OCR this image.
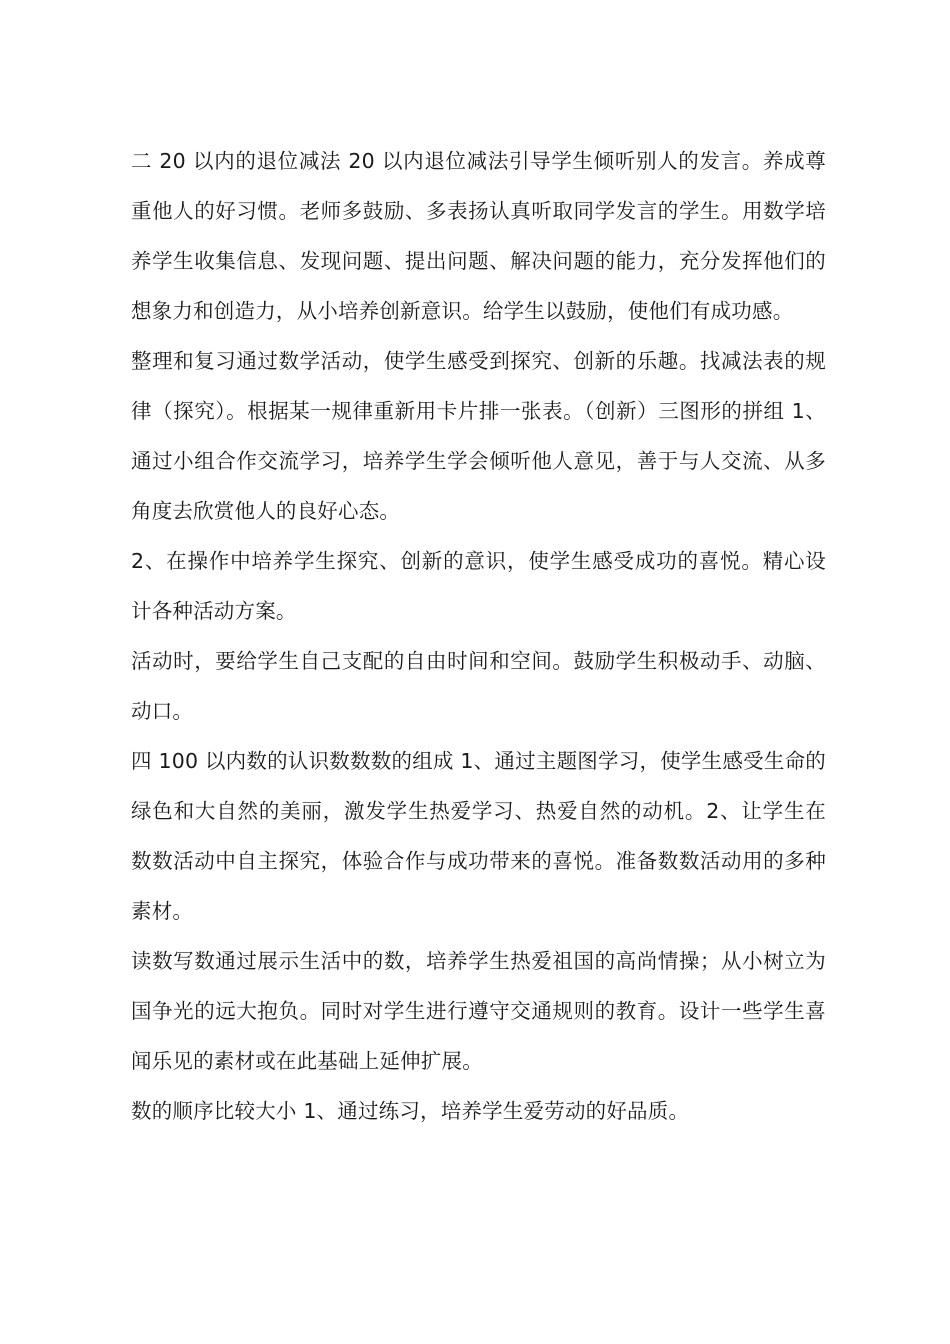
二 20 以内的退位减法 20 以内退位减法引导学生倾听别人的发言。养成尊重他人的好习惯。老师多鼓励、多表扬认真听取同学发言的学生。用数学培养学生收集信息、发现问题、提出问题、解决问题的能力，充分发挥他们的想象力和创造力，从小培养创新意识。给学生以鼓励，使他们有成功感。

整理和复习通过数学活动，使学生感受到探究、创新的乐趣。找减法表的规律（探究）。根据某一规律重新用卡片排一张表。（创新）三图形的拼组 1、通过小组合作交流学习，培养学生学会倾听他人意见，善于与人交流、从多角度去欣赏他人的良好心态。

2、在操作中培养学生探究、创新的意识，使学生感受成功的喜悦。精心设计各种活动方案。

活动时，要给学生自己支配的自由时间和空间。鼓励学生积极动手、动脑、动口。

四 100 以内数的认识数数数的组成 1、通过主题图学习，使学生感受生命的绿色和大自然的美丽，激发学生热爱学习、热爱自然的动机。2、让学生在数数活动中自主探究，体验合作与成功带来的喜悦。准备数数活动用的多种素材。

读数写数通过展示生活中的数，培养学生热爱祖国的高尚情操；从小树立为国争光的远大抱负。同时对学生进行遵守交通规则的教育。设计一些学生喜闻乐见的素材或在此基础上延伸扩展。

数的顺序比较大小 1、通过练习，培养学生爱劳动的好品质。
